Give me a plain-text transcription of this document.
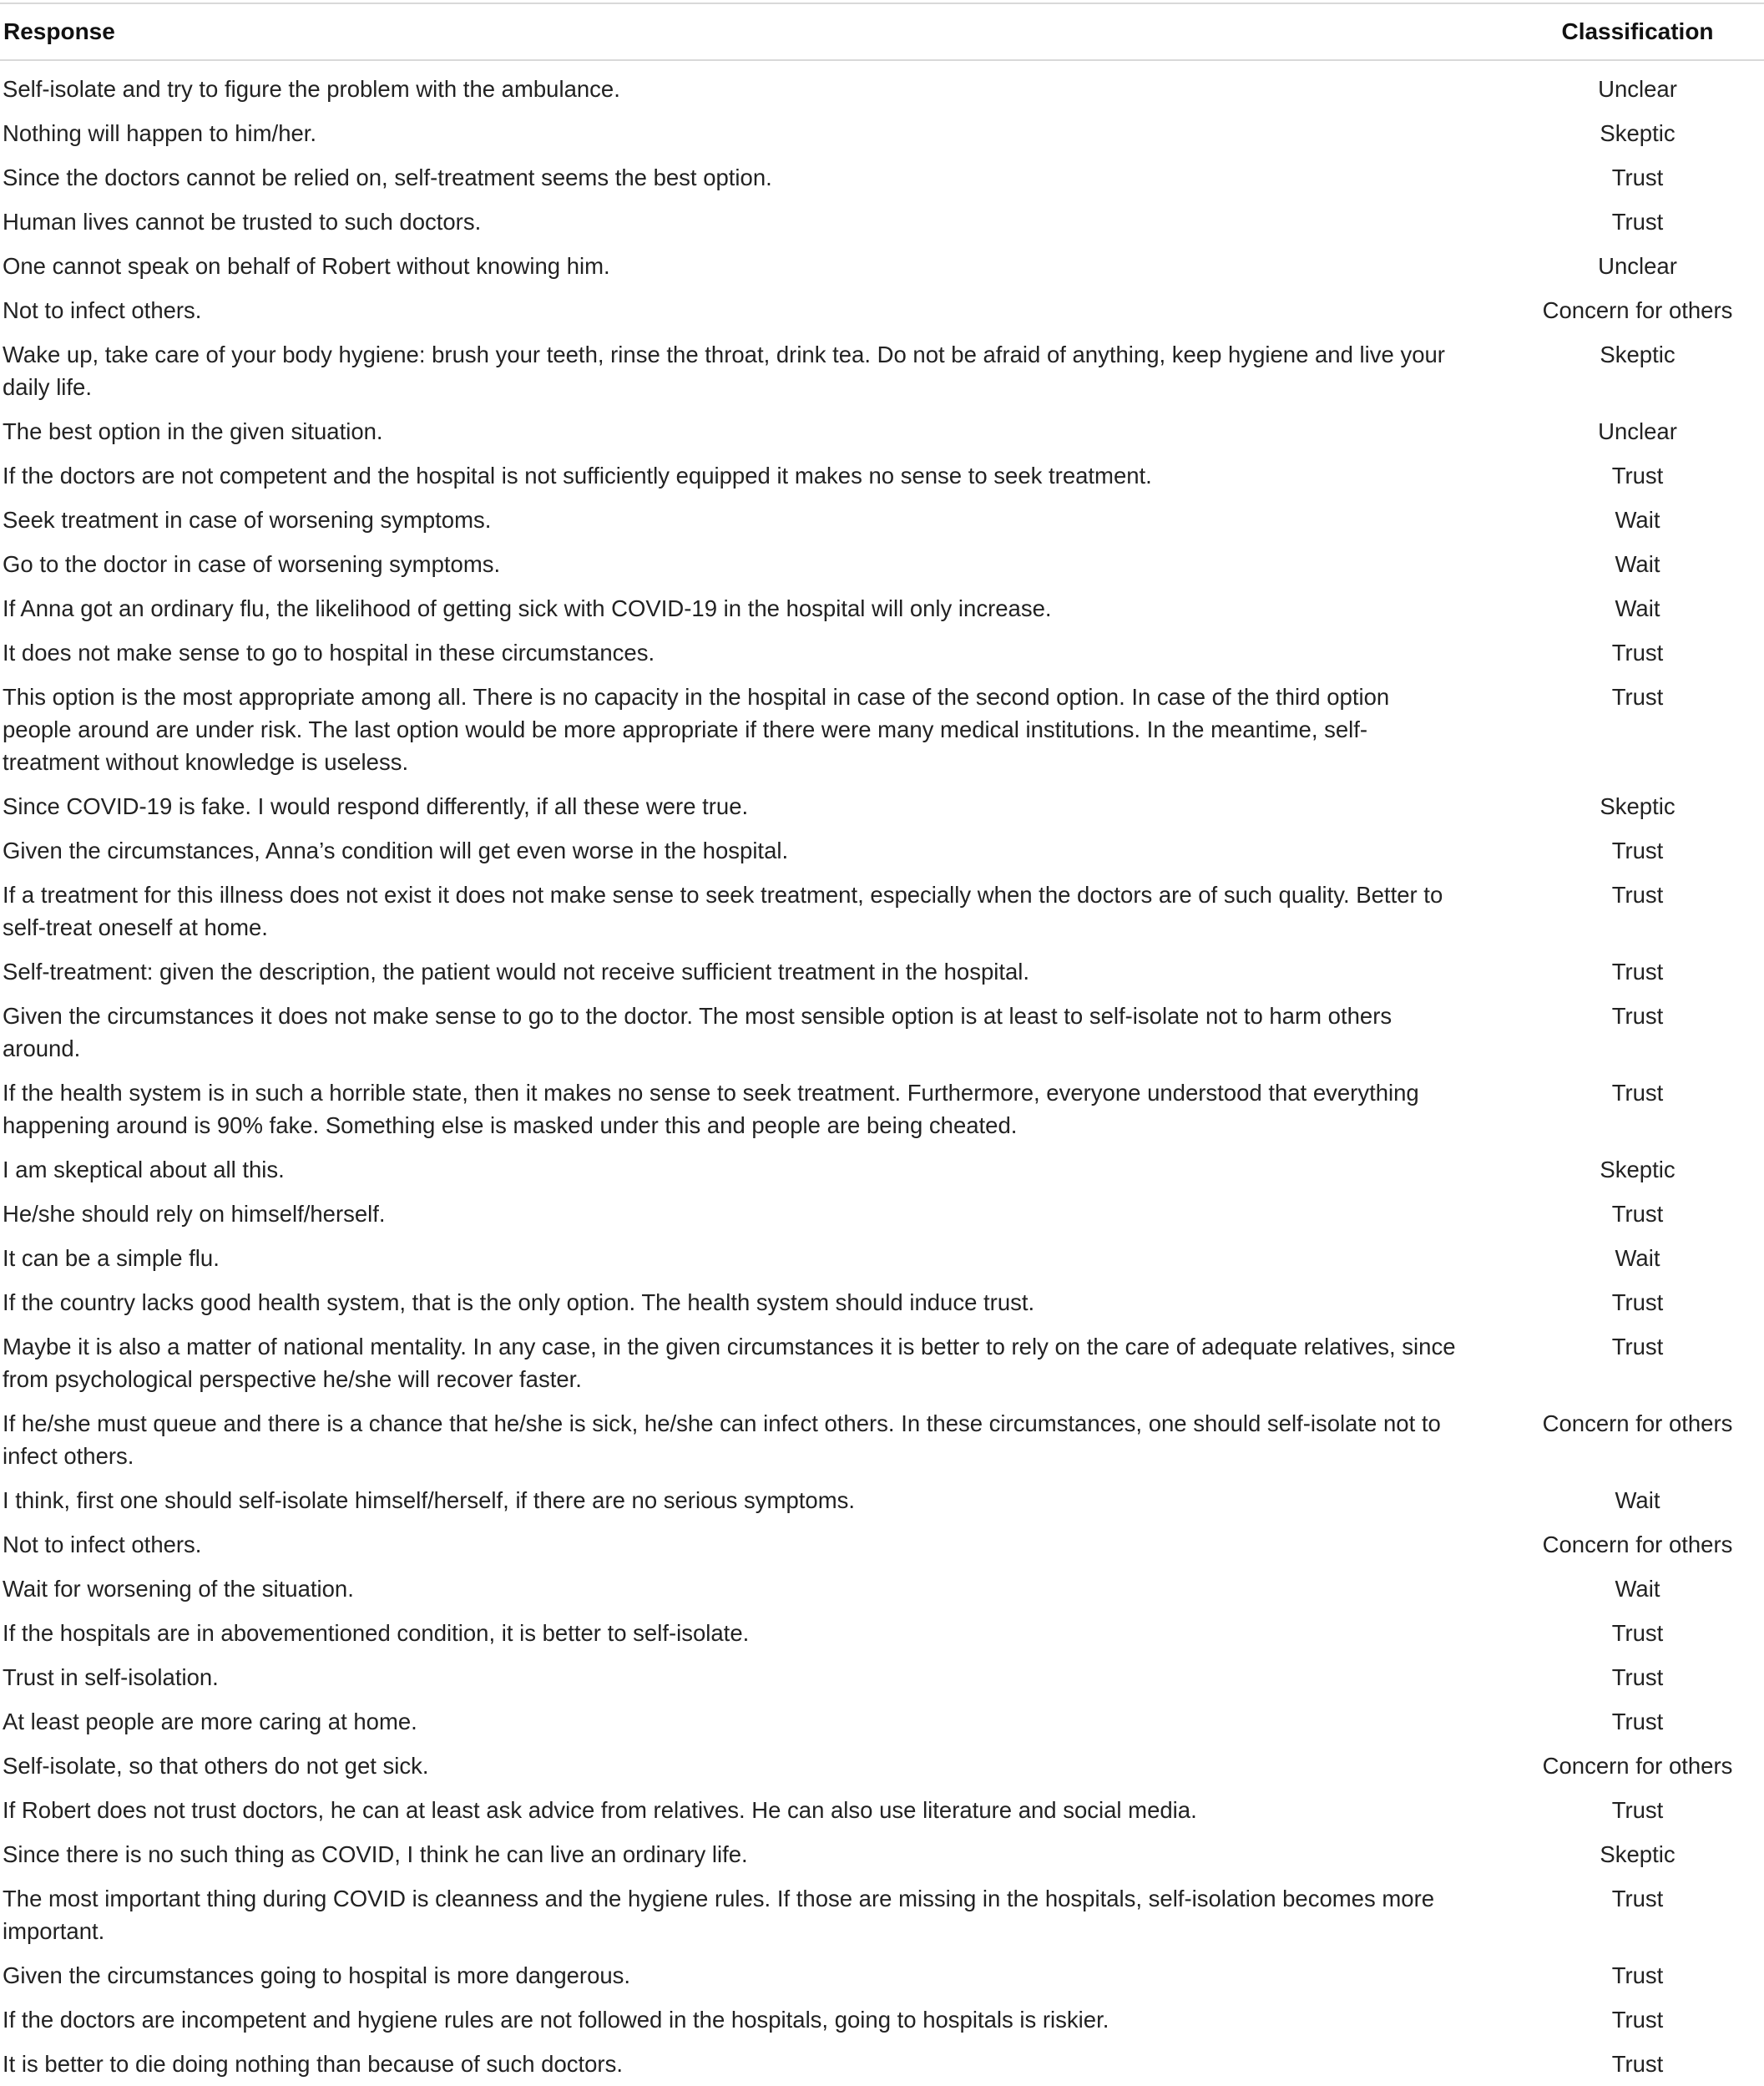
Response	Classification
Self-isolate and try to figure the problem with the ambulance.	Unclear
Nothing will happen to him/her.	Skeptic
Since the doctors cannot be relied on, self-treatment seems the best option.	Trust
Human lives cannot be trusted to such doctors.	Trust
One cannot speak on behalf of Robert without knowing him.	Unclear
Not to infect others.	Concern for others
Wake up, take care of your body hygiene: brush your teeth, rinse the throat, drink tea. Do not be afraid of anything, keep hygiene and live your daily life.	Skeptic
The best option in the given situation.	Unclear
If the doctors are not competent and the hospital is not sufficiently equipped it makes no sense to seek treatment.	Trust
Seek treatment in case of worsening symptoms.	Wait
Go to the doctor in case of worsening symptoms.	Wait
If Anna got an ordinary flu, the likelihood of getting sick with COVID-19 in the hospital will only increase.	Wait
It does not make sense to go to hospital in these circumstances.	Trust
This option is the most appropriate among all. There is no capacity in the hospital in case of the second option. In case of the third option people around are under risk. The last option would be more appropriate if there were many medical institutions. In the meantime, self-treatment without knowledge is useless.	Trust
Since COVID-19 is fake. I would respond differently, if all these were true.	Skeptic
Given the circumstances, Anna’s condition will get even worse in the hospital.	Trust
If a treatment for this illness does not exist it does not make sense to seek treatment, especially when the doctors are of such quality. Better to self-treat oneself at home.	Trust
Self-treatment: given the description, the patient would not receive sufficient treatment in the hospital.	Trust
Given the circumstances it does not make sense to go to the doctor. The most sensible option is at least to self-isolate not to harm others around.	Trust
If the health system is in such a horrible state, then it makes no sense to seek treatment. Furthermore, everyone understood that everything happening around is 90% fake. Something else is masked under this and people are being cheated.	Trust
I am skeptical about all this.	Skeptic
He/she should rely on himself/herself.	Trust
It can be a simple flu.	Wait
If the country lacks good health system, that is the only option. The health system should induce trust.	Trust
Maybe it is also a matter of national mentality. In any case, in the given circumstances it is better to rely on the care of adequate relatives, since from psychological perspective he/she will recover faster.	Trust
If he/she must queue and there is a chance that he/she is sick, he/she can infect others. In these circumstances, one should self-isolate not to infect others.	Concern for others
I think, first one should self-isolate himself/herself, if there are no serious symptoms.	Wait
Not to infect others.	Concern for others
Wait for worsening of the situation.	Wait
If the hospitals are in abovementioned condition, it is better to self-isolate.	Trust
Trust in self-isolation.	Trust
At least people are more caring at home.	Trust
Self-isolate, so that others do not get sick.	Concern for others
If Robert does not trust doctors, he can at least ask advice from relatives. He can also use literature and social media.	Trust
Since there is no such thing as COVID, I think he can live an ordinary life.	Skeptic
The most important thing during COVID is cleanness and the hygiene rules. If those are missing in the hospitals, self-isolation becomes more important.	Trust
Given the circumstances going to hospital is more dangerous.	Trust
If the doctors are incompetent and hygiene rules are not followed in the hospitals, going to hospitals is riskier.	Trust
It is better to die doing nothing than because of such doctors.	Trust
